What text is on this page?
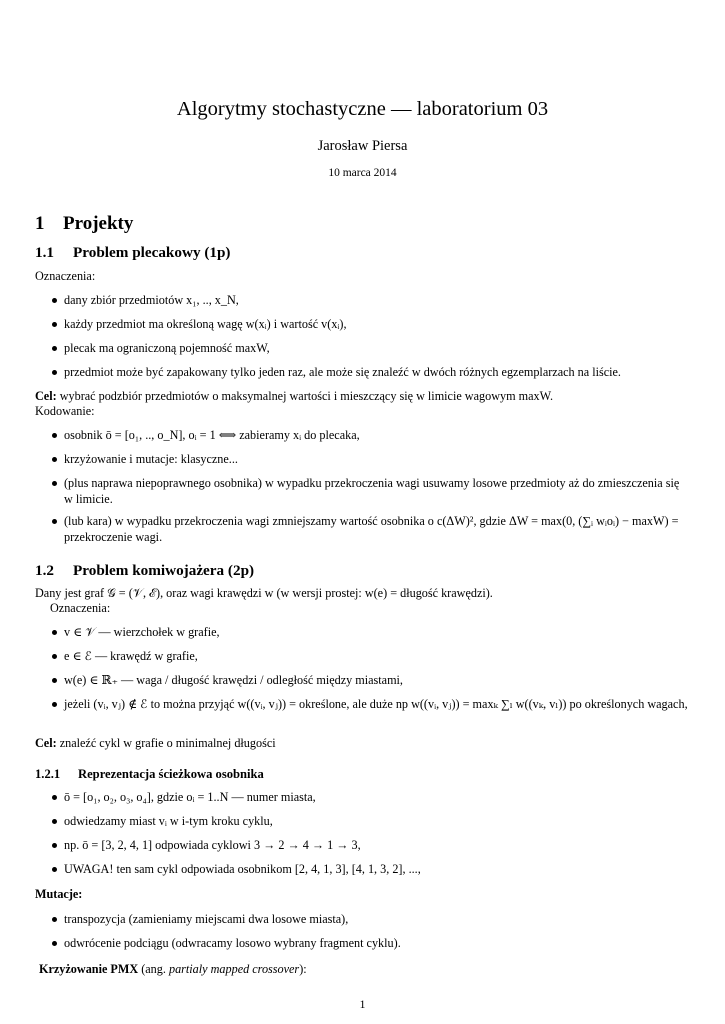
Algorytmy stochastyczne — laboratorium 03
Jarosław Piersa
10 marca 2014
1 Projekty
1.1 Problem plecakowy (1p)
Oznaczenia:
dany zbiór przedmiotów x₁, .., x_N,
każdy przedmiot ma określoną wagę w(xᵢ) i wartość v(xᵢ),
plecak ma ograniczoną pojemność maxW,
przedmiot może być zapakowany tylko jeden raz, ale może się znaleźć w dwóch różnych egzemplarzach na liście.
Cel: wybrać podzbiór przedmiotów o maksymalnej wartości i mieszczący się w limicie wagowym maxW.
Kodowanie:
osobnik ō = [o₁, .., o_N], oᵢ = 1 ⟺ zabieramy xᵢ do plecaka,
krzyżowanie i mutacje: klasyczne...
(plus naprawa niepoprawnego osobnika) w wypadku przekroczenia wagi usuwamy losowe przedmioty aż do zmieszczenia się w limicie.
(lub kara) w wypadku przekroczenia wagi zmniejszamy wartość osobnika o c(ΔW)², gdzie ΔW = max(0, (∑ᵢ wᵢoᵢ) − maxW) = przekroczenie wagi.
1.2 Problem komiwojażera (2p)
Dany jest graf 𝒢 = (𝒱, ℰ), oraz wagi krawędzi w (w wersji prostej: w(e) = długość krawędzi).
Oznaczenia:
v ∈ 𝒱 — wierzchołek w grafie,
e ∈ ℰ — krawędź w grafie,
w(e) ∈ ℝ₊ — waga / długość krawędzi / odległość między miastami,
jeżeli (vᵢ, vⱼ) ∉ ℰ to można przyjąć w((vᵢ, vⱼ)) = określone, ale duże np w((vᵢ, vⱼ)) = maxₖ ∑ₗ w((vₖ, vₗ)) po określonych wagach,
Cel: znaleźć cykl w grafie o minimalnej długości
1.2.1 Reprezentacja ścieżkowa osobnika
ō = [o₁, o₂, o₃, o₄], gdzie oᵢ = 1..N — numer miasta,
odwiedzamy miast vᵢ w i-tym kroku cyklu,
np. ō = [3, 2, 4, 1] odpowiada cyklowi 3 → 2 → 4 → 1 → 3,
UWAGA! ten sam cykl odpowiada osobnikom [2, 4, 1, 3], [4, 1, 3, 2], ...,
Mutacje:
transpozycja (zamieniamy miejscami dwa losowe miasta),
odwrócenie podciągu (odwracamy losowo wybrany fragment cyklu).
Krzyżowanie PMX (ang. partialy mapped crossover):
1
